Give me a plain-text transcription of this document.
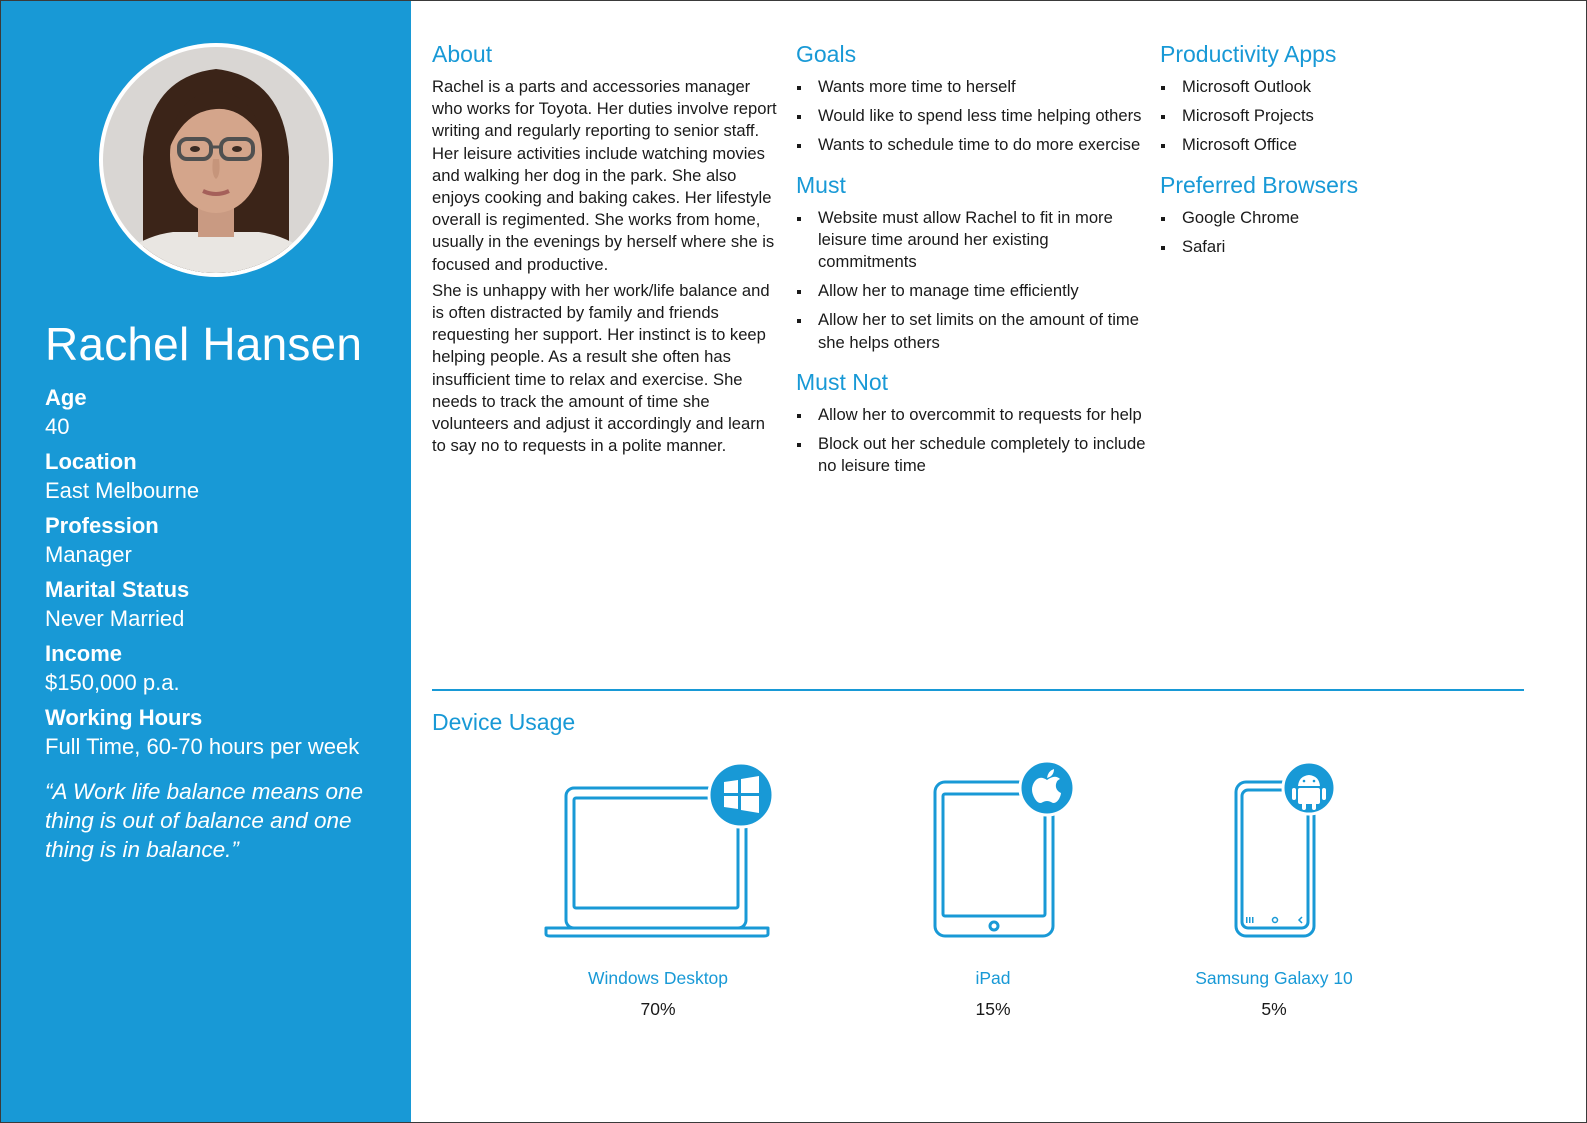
Rachel Hansen
Age
40
Location
East Melbourne
Profession
Manager
Marital Status
Never Married
Income
$150,000 p.a.
Working Hours
Full Time, 60-70 hours per week
“A Work life balance means one thing is out of balance and one thing is in balance.”
About

Rachel is a parts and accessories manager who works for Toyota. Her duties involve report writing and regularly reporting to senior staff. Her leisure activities include watching movies and walking her dog in the park. She also enjoys cooking and baking cakes. Her lifestyle overall is regimented. She works from home, usually in the evenings by herself where she is focused and productive.

She is unhappy with her work/life balance and is often distracted by family and friends requesting her support. Her instinct is to keep helping people. As a result she often has insufficient time to relax and exercise. She needs to track the amount of time she volunteers and adjust it accordingly and learn to say no to requests in a polite manner.

Goals
Wants more time to herself
Would like to spend less time helping others
Wants to schedule time to do more exercise
Must
Website must allow Rachel to fit in more leisure time around her existing commitments
Allow her to manage time efficiently
Allow her to set limits on the amount of time she helps others
Must Not
Allow her to overcommit to requests for help
Block out her schedule completely to include no leisure time
Productivity Apps
Microsoft Outlook
Microsoft Projects
Microsoft Office
Preferred Browsers
Google Chrome
Safari
Device Usage
Windows Desktop
70%
iPad
15%
Samsung Galaxy 10
5%
